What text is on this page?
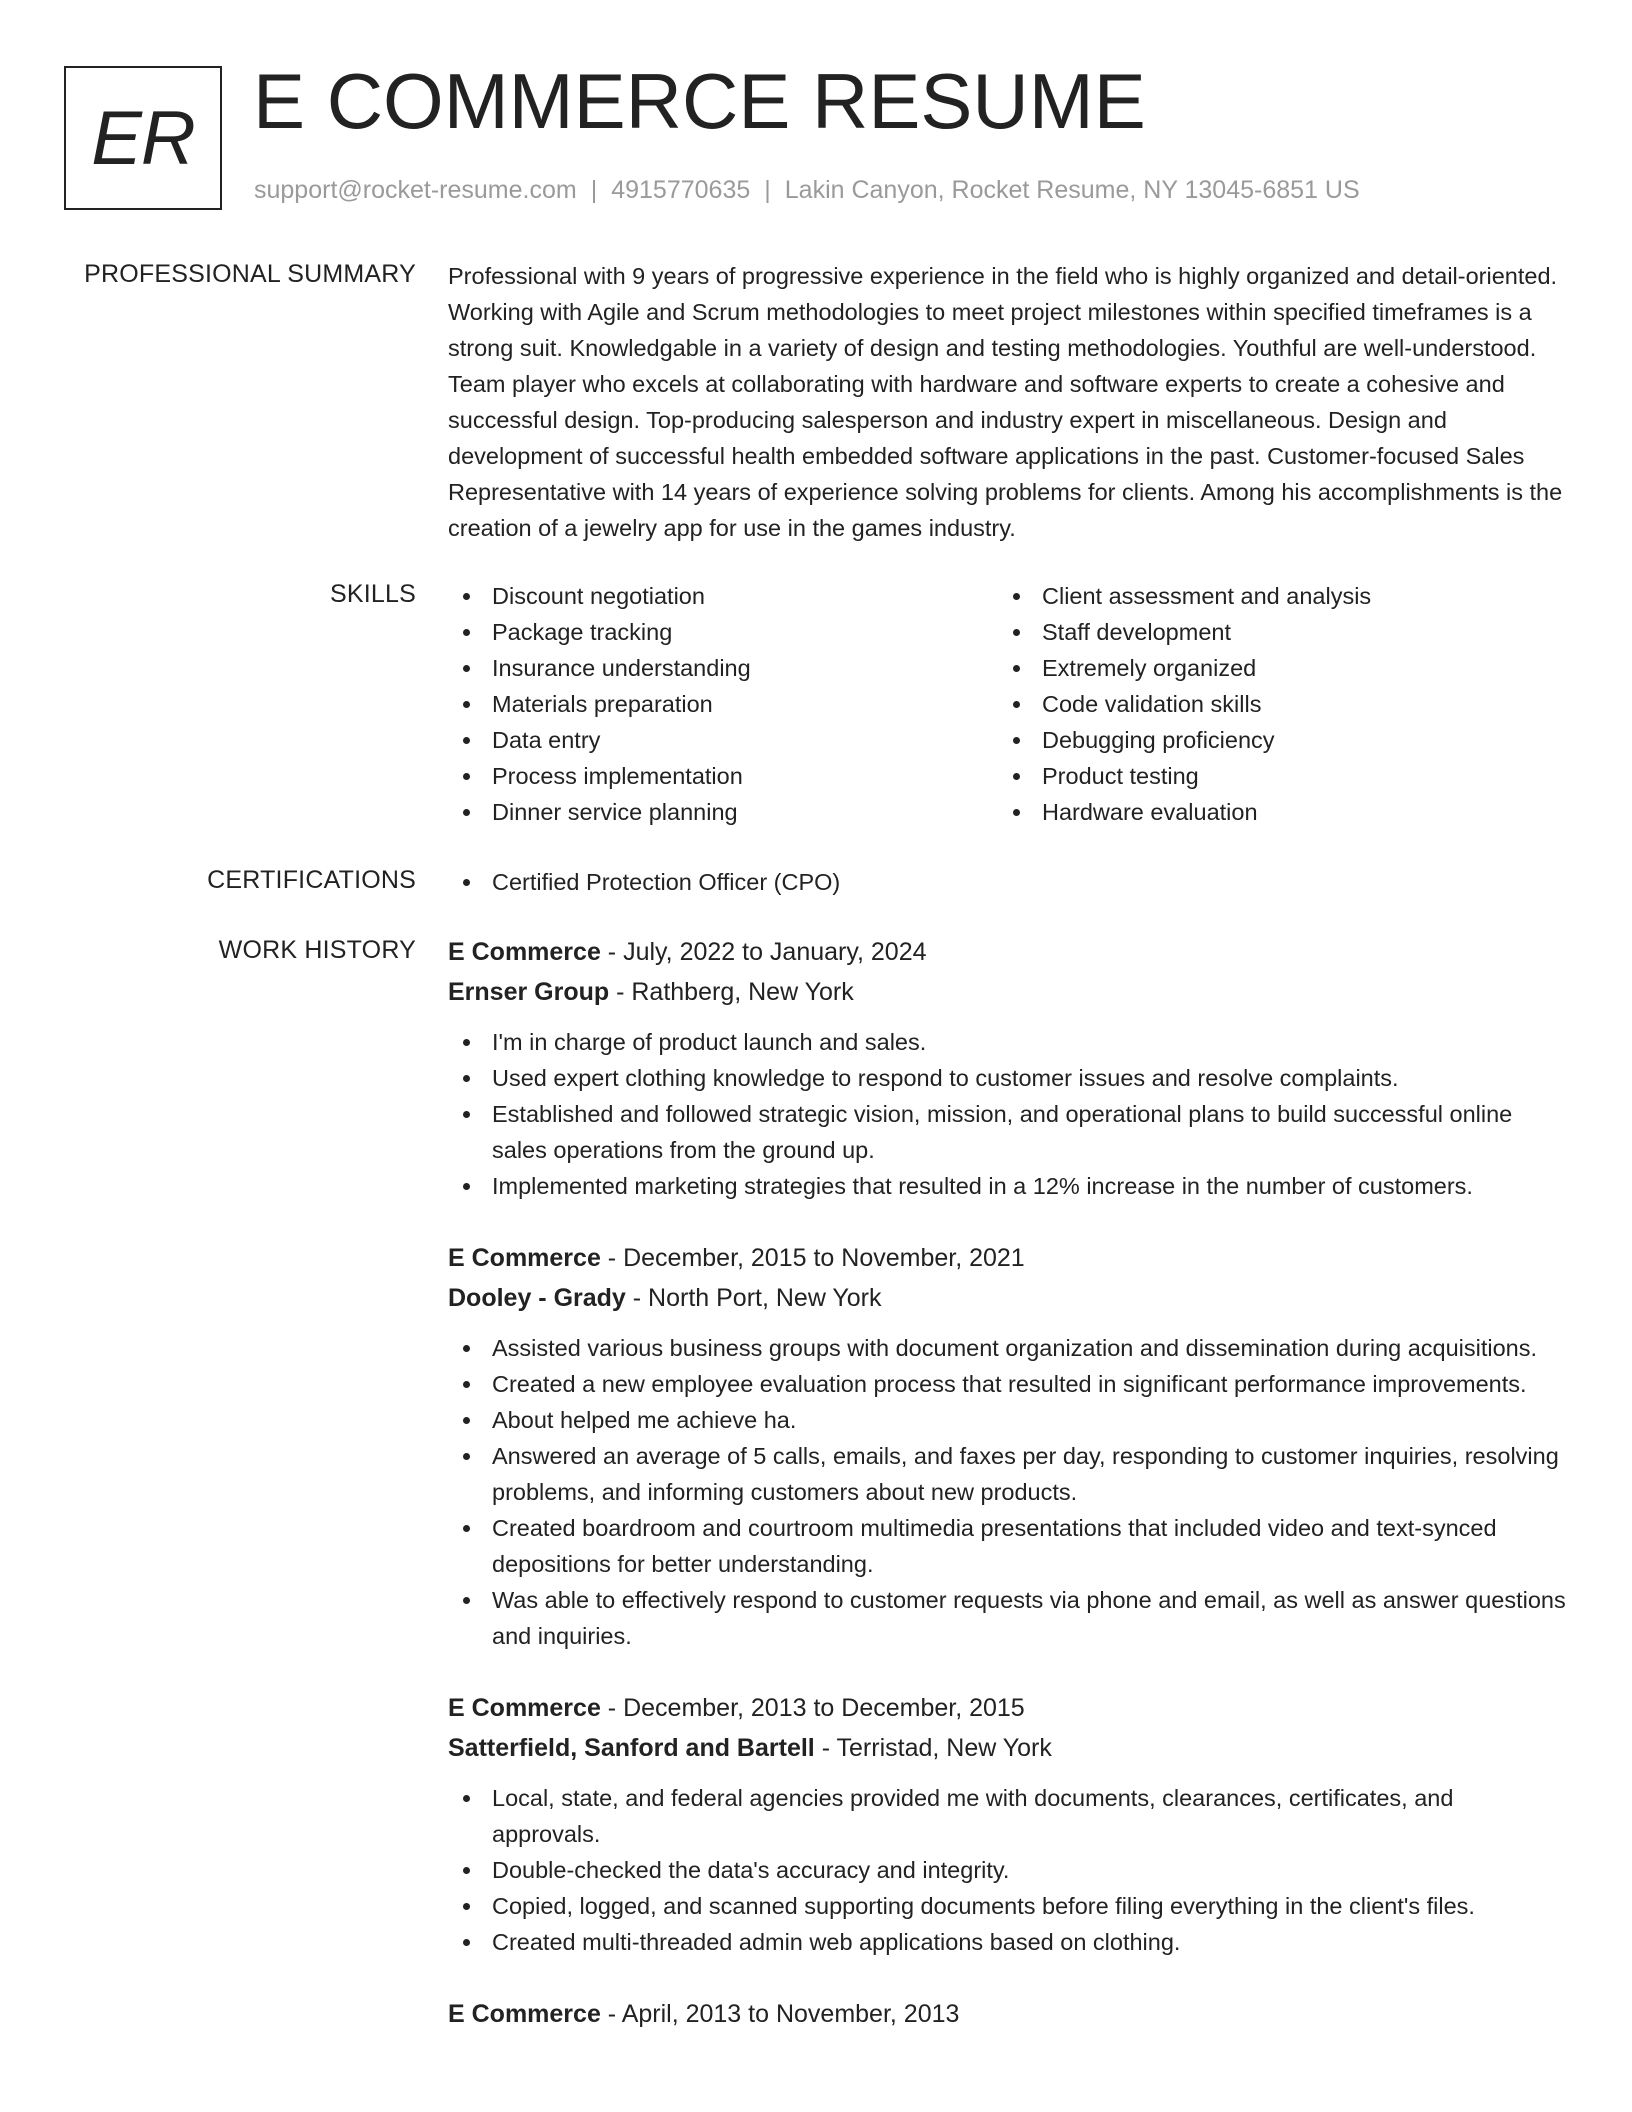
ER E COMMERCE RESUME
support@rocket-resume.com | 4915770635 | Lakin Canyon, Rocket Resume, NY 13045-6851 US
PROFESSIONAL SUMMARY Professional with 9 years of progressive experience in the field who is highly organized and detail-oriented. Working with Agile and Scrum methodologies to meet project milestones within specified timeframes is a strong suit. Knowledgable in a variety of design and testing methodologies. Youthful are well-understood. Team player who excels at collaborating with hardware and software experts to create a cohesive and successful design. Top-producing salesperson and industry expert in miscellaneous. Design and development of successful health embedded software applications in the past. Customer-focused Sales Representative with 14 years of experience solving problems for clients. Among his accomplishments is the creation of a jewelry app for use in the games industry.
SKILLS	Discount negotiation
Package tracking
Insurance understanding
Materials preparation
Data entry
Process implementation
Dinner service planning
Client assessment and analysis
Staff development
Extremely organized
Code validation skills
Debugging proficiency
Product testing
Hardware evaluation
CERTIFICATIONS	Certified Protection Officer (CPO)
WORK HISTORY E Commerce - July, 2022 to January, 2024
Ernser Group - Rathberg, New York
I'm in charge of product launch and sales.
Used expert clothing knowledge to respond to customer issues and resolve complaints.
Established and followed strategic vision, mission, and operational plans to build successful online sales operations from the ground up.
Implemented marketing strategies that resulted in a 12% increase in the number of customers.
E Commerce - December, 2015 to November, 2021
Dooley - Grady - North Port, New York
Assisted various business groups with document organization and dissemination during acquisitions.
Created a new employee evaluation process that resulted in significant performance improvements.
About helped me achieve ha.
Answered an average of 5 calls, emails, and faxes per day, responding to customer inquiries, resolving problems, and informing customers about new products.
Created boardroom and courtroom multimedia presentations that included video and text-synced depositions for better understanding.
Was able to effectively respond to customer requests via phone and email, as well as answer questions and inquiries.
E Commerce - December, 2013 to December, 2015
Satterfield, Sanford and Bartell - Terristad, New York
Local, state, and federal agencies provided me with documents, clearances, certificates, and approvals.
Double-checked the data's accuracy and integrity.
Copied, logged, and scanned supporting documents before filing everything in the client's files.
Created multi-threaded admin web applications based on clothing.
E Commerce - April, 2013 to November, 2013
